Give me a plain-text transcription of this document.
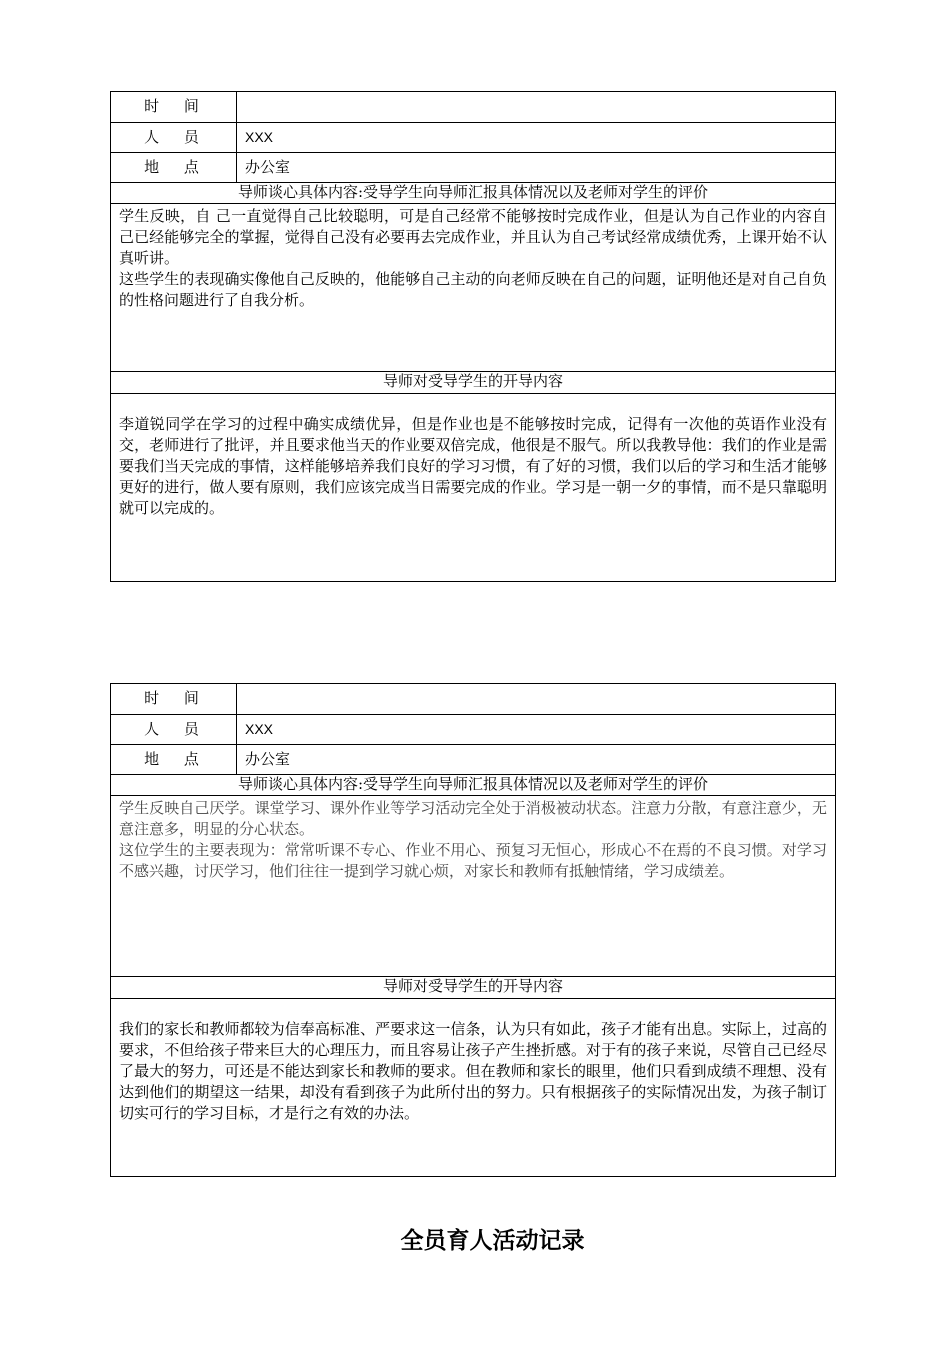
时 间
人 员	XXX
地 点	办公室
导师谈心具体内容:受导学生向导师汇报具体情况以及老师对学生的评价

学生反映，自 己一直觉得自己比较聪明，可是自己经常不能够按时完成作业，但是认为自己作业的内容自己已经能够完全的掌握，觉得自己没有必要再去完成作业，并且认为自己考试经常成绩优秀，上课开始不认真听讲。

这些学生的表现确实像他自己反映的，他能够自己主动的向老师反映在自己的问题，证明他还是对自己自负的性格问题进行了自我分析。

导师对受导学生的开导内容
李道锐同学在学习的过程中确实成绩优异，但是作业也是不能够按时完成，记得有一次他的英语作业没有交，老师进行了批评，并且要求他当天的作业要双倍完成，他很是不服气。所以我教导他：我们的作业是需要我们当天完成的事情，这样能够培养我们良好的学习习惯，有了好的习惯，我们以后的学习和生活才能够更好的进行，做人要有原则，我们应该完成当日需要完成的作业。学习是一朝一夕的事情，而不是只靠聪明就可以完成的。
时 间
人 员	XXX
地 点	办公室
导师谈心具体内容:受导学生向导师汇报具体情况以及老师对学生的评价

学生反映自己厌学。课堂学习、课外作业等学习活动完全处于消极被动状态。注意力分散，有意注意少，无意注意多，明显的分心状态。

这位学生的主要表现为：常常听课不专心、作业不用心、预复习无恒心，形成心不在焉的不良习惯。对学习不感兴趣，讨厌学习，他们往往一提到学习就心烦，对家长和教师有抵触情绪，学习成绩差。

导师对受导学生的开导内容
我们的家长和教师都较为信奉高标准、严要求这一信条，认为只有如此，孩子才能有出息。实际上，过高的要求，不但给孩子带来巨大的心理压力，而且容易让孩子产生挫折感。对于有的孩子来说，尽管自己已经尽了最大的努力，可还是不能达到家长和教师的要求。但在教师和家长的眼里，他们只看到成绩不理想、没有达到他们的期望这一结果，却没有看到孩子为此所付出的努力。只有根据孩子的实际情况出发，为孩子制订切实可行的学习目标，才是行之有效的办法。
全员育人活动记录
